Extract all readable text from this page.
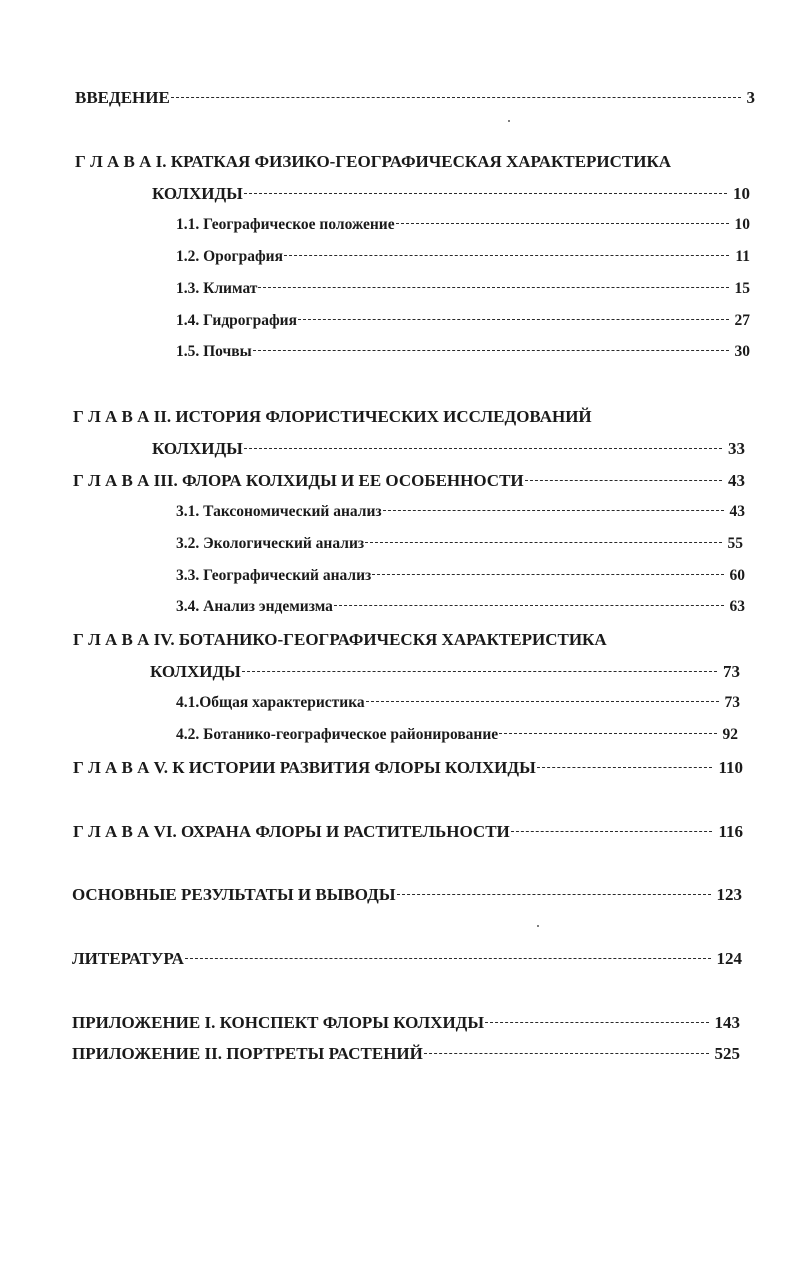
ВВЕДЕНИЕ	3
Г Л А В А I. КРАТКАЯ ФИЗИКО-ГЕОГРАФИЧЕСКАЯ ХАРАКТЕРИСТИКА
КОЛХИДЫ	10
1.1. Географическое положение	10
1.2. Орография	11
1.3. Климат	15
1.4. Гидрография	27
1.5. Почвы	30
Г Л А В А II. ИСТОРИЯ ФЛОРИСТИЧЕСКИХ ИССЛЕДОВАНИЙ
КОЛХИДЫ	33
Г Л А В А III. ФЛОРА КОЛХИДЫ И ЕЕ ОСОБЕННОСТИ	43
3.1. Таксономический анализ	43
3.2. Экологический анализ	55
3.3. Географический анализ	60
3.4. Анализ эндемизма	63
Г Л А В А IV. БОТАНИКО-ГЕОГРАФИЧЕСКЯ ХАРАКТЕРИСТИКА
КОЛХИДЫ	73
4.1.Общая характеристика	73
4.2. Ботанико-географическое районирование	92
Г Л А В А V. К ИСТОРИИ РАЗВИТИЯ ФЛОРЫ КОЛХИДЫ	110
Г Л А В А VI. ОХРАНА ФЛОРЫ И РАСТИТЕЛЬНОСТИ	116
ОСНОВНЫЕ РЕЗУЛЬТАТЫ И ВЫВОДЫ	123
ЛИТЕРАТУРА	124
ПРИЛОЖЕНИЕ I. КОНСПЕКТ ФЛОРЫ КОЛХИДЫ	143
ПРИЛОЖЕНИЕ II. ПОРТРЕТЫ РАСТЕНИЙ	525
